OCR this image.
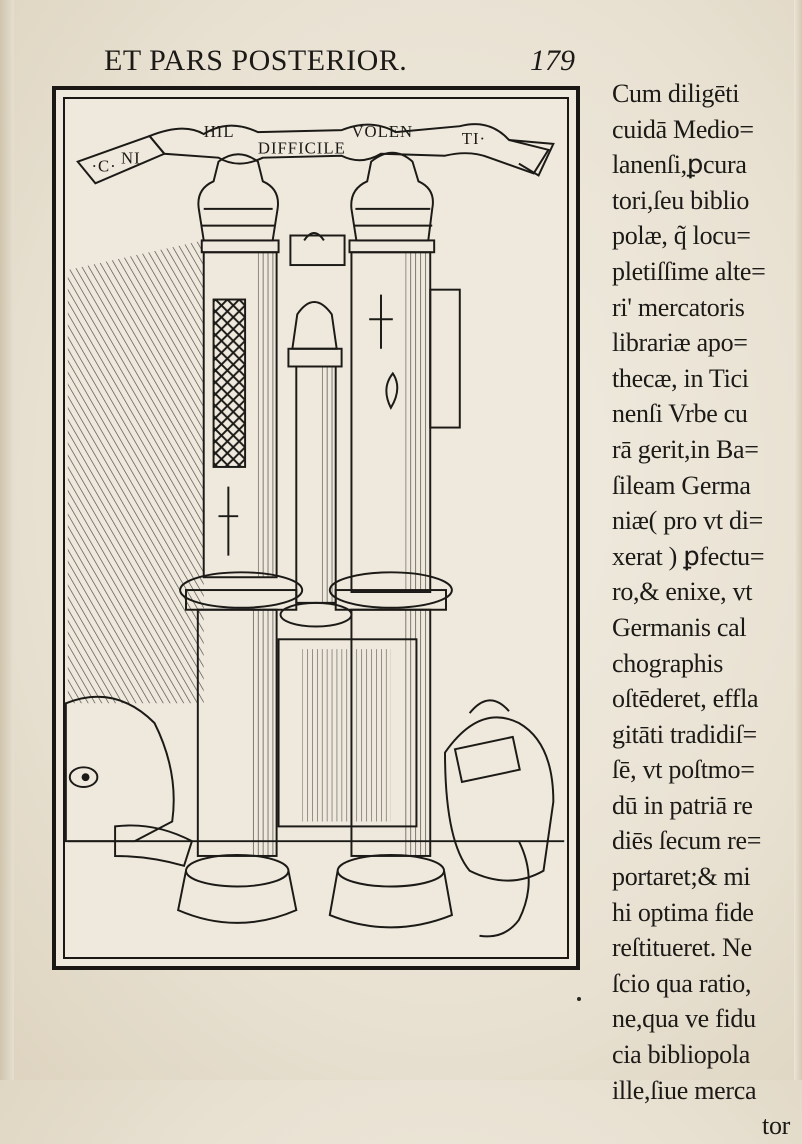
ET PARS POSTERIOR.	179
·C· NI
HIL
DIFFICILE
VOLEN	TI·
Cum diligēti
cuidā Medio=
lanenſi,ꝑcura
tori,ſeu biblio
polæ, q̃ locu=
pletiſſime alte=
ri' mercatoris
librariæ apo=
thecæ, in Tici
nenſi Vrbe cu
rā gerit,in Ba=
ſileam Germa
niæ( pro vt di=
xerat ) ꝑfectu=
ro,& enixe, vt
Germanis cal
chographis
oſtēderet, effla
gitāti tradidiſ=
ſē, vt poſtmo=
dū in patriā re
diēs ſecum re=
portaret;& mi
hi optima fide
reſtitueret. Ne
ſcio qua ratio,
ne,qua ve fidu
cia bibliopola
ille,ſiue merca
tor
